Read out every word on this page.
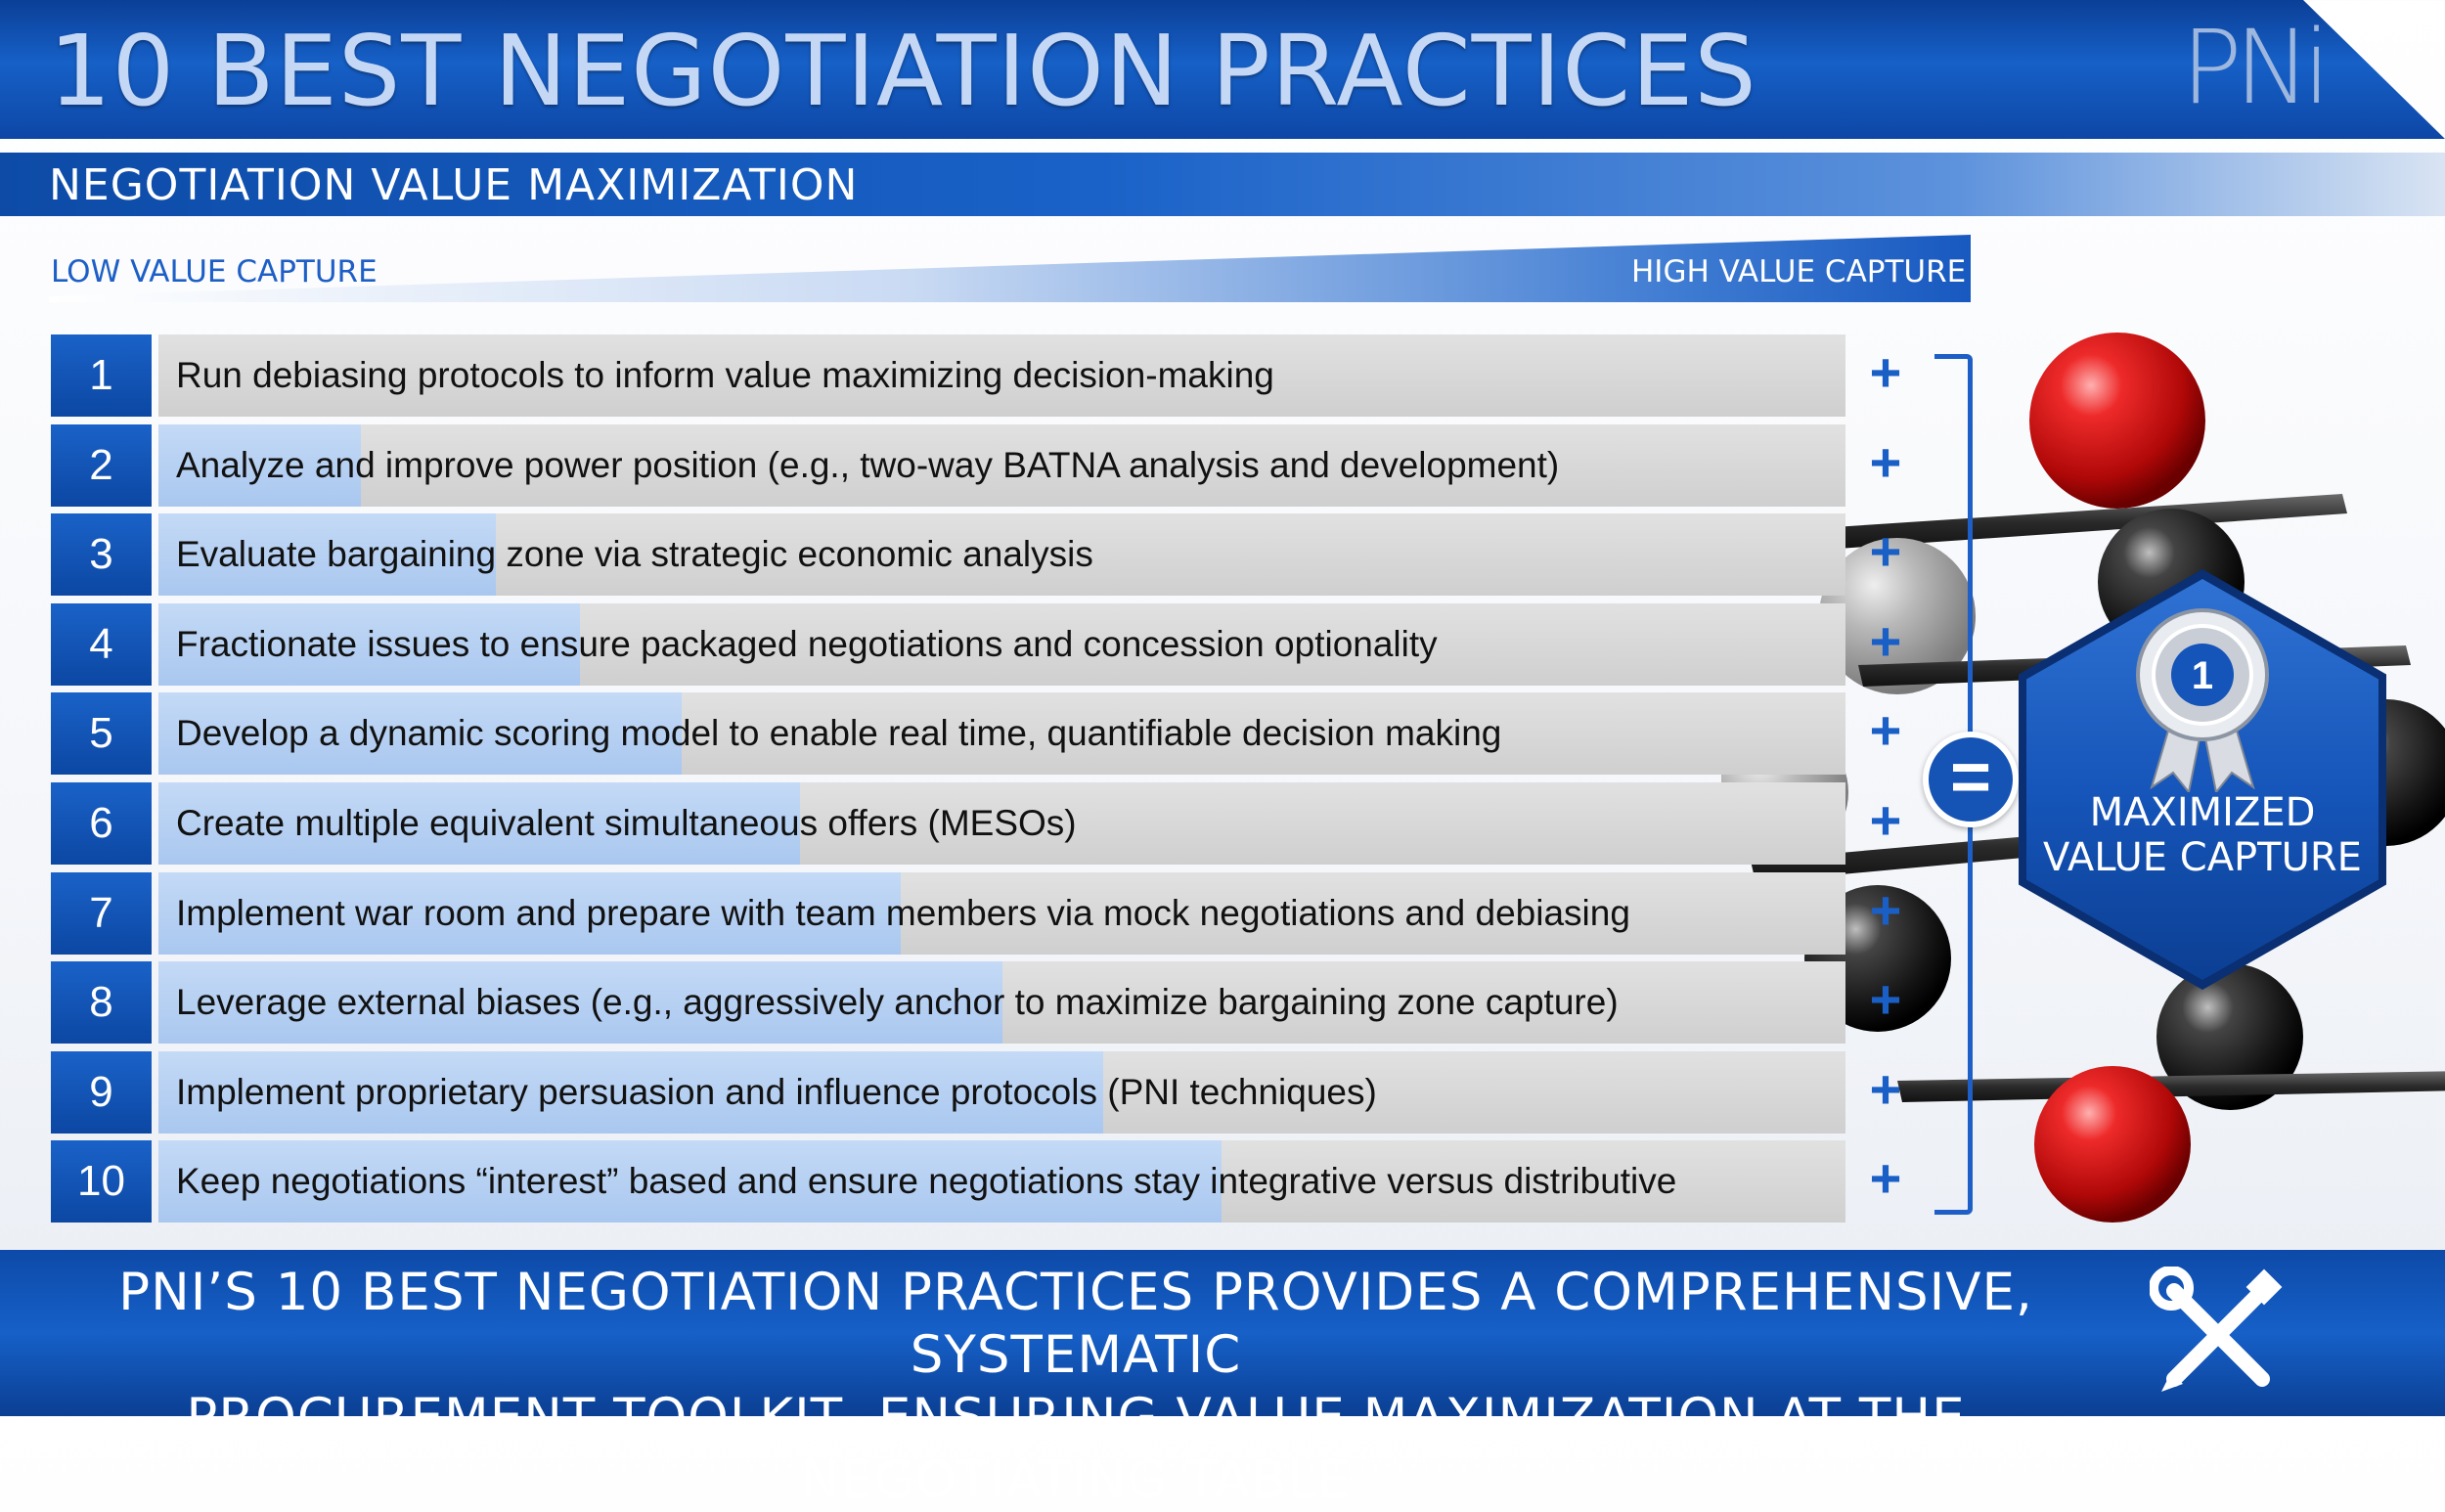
10 BEST NEGOTIATION PRACTICES	PNi
NEGOTIATION VALUE MAXIMIZATION
LOW VALUE CAPTURE	HIGH VALUE CAPTURE
1	Run debiasing protocols to inform value maximizing decision-making	+
2	Analyze and improve power position (e.g., two-way BATNA analysis and development)	+
3	Evaluate bargaining zone via strategic economic analysis	+
4	Fractionate issues to ensure packaged negotiations and concession optionality	+
5	Develop a dynamic scoring model to enable real time, quantifiable decision making	+
6	Create multiple equivalent simultaneous offers (MESOs)	+
7	Implement war room and prepare with team members via mock negotiations and debiasing	+
8	Leverage external biases (e.g., aggressively anchor to maximize bargaining zone capture)	+
9	Implement proprietary persuasion and influence protocols (PNI techniques)	+
10	Keep negotiations “interest” based and ensure negotiations stay integrative versus distributive	+
=
1
MAXIMIZED
VALUE CAPTURE
PNI’S 10 BEST NEGOTIATION PRACTICES PROVIDES A COMPREHENSIVE, SYSTEMATIC
PROCUREMENT TOOLKIT, ENSURING VALUE MAXIMIZATION AT THE NEGOTIATING TABLE
